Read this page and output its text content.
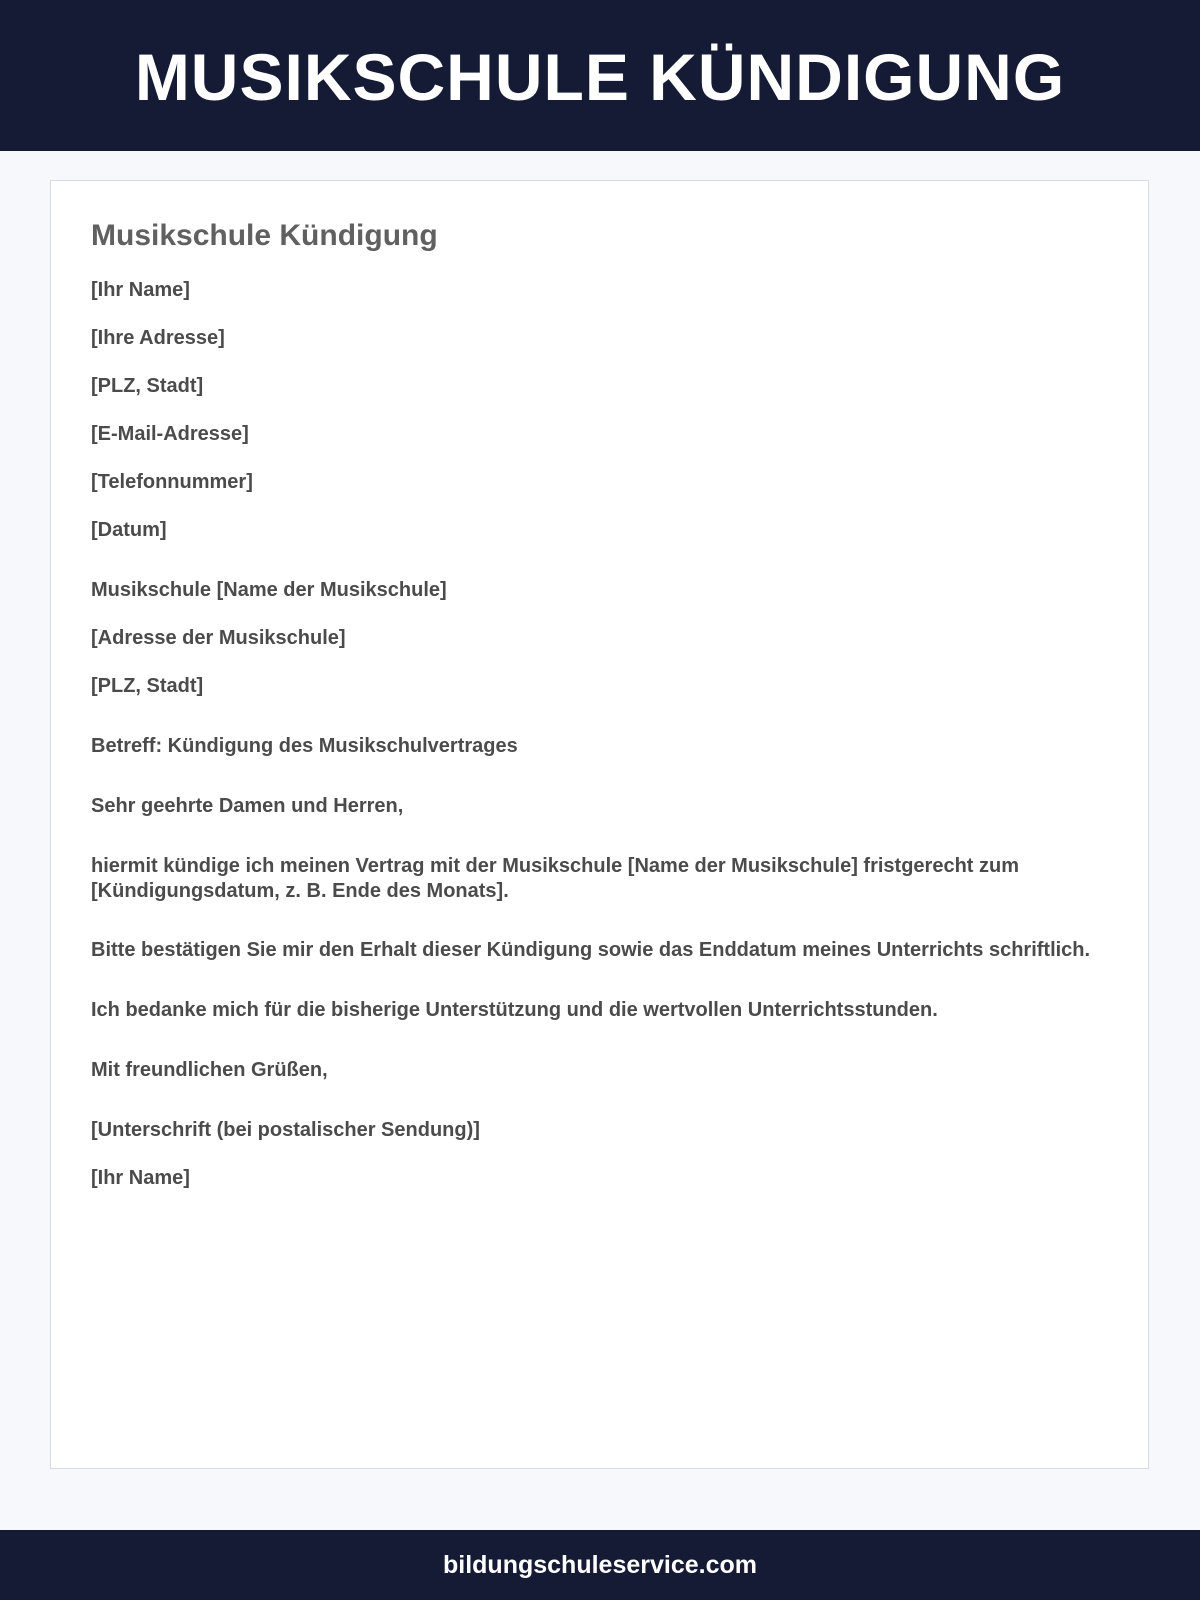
MUSIKSCHULE KÜNDIGUNG
Musikschule Kündigung

[Ihr Name]

[Ihre Adresse]

[PLZ, Stadt]

[E-Mail-Adresse]

[Telefonnummer]

[Datum]

Musikschule [Name der Musikschule]

[Adresse der Musikschule]

[PLZ, Stadt]

Betreff: Kündigung des Musikschulvertrages

Sehr geehrte Damen und Herren,

hiermit kündige ich meinen Vertrag mit der Musikschule [Name der Musikschule] fristgerecht zum [Kündigungsdatum, z. B. Ende des Monats].

Bitte bestätigen Sie mir den Erhalt dieser Kündigung sowie das Enddatum meines Unterrichts schriftlich.

Ich bedanke mich für die bisherige Unterstützung und die wertvollen Unterrichtsstunden.

Mit freundlichen Grüßen,

[Unterschrift (bei postalischer Sendung)]

[Ihr Name]

bildungschuleservice.com
